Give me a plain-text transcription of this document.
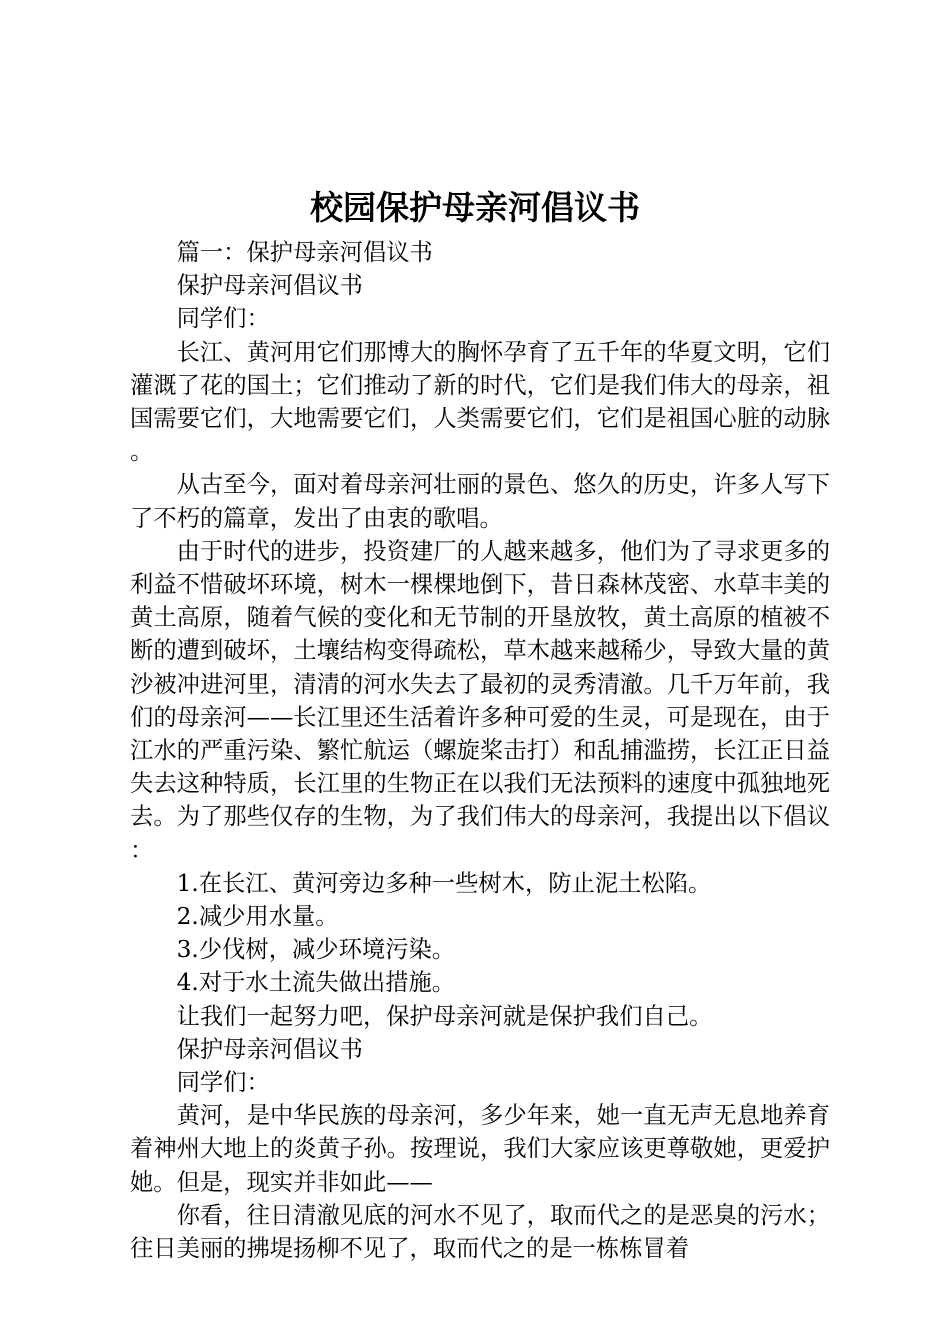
校园保护母亲河倡议书

篇一：保护母亲河倡议书

保护母亲河倡议书

同学们：

长江、黄河用它们那博大的胸怀孕育了五千年的华夏文明，它们灌溉了花的国土；它们推动了新的时代，它们是我们伟大的母亲，祖国需要它们，大地需要它们，人类需要它们，它们是祖国心脏的动脉。

从古至今，面对着母亲河壮丽的景色、悠久的历史，许多人写下了不朽的篇章，发出了由衷的歌唱。

由于时代的进步，投资建厂的人越来越多，他们为了寻求更多的利益不惜破坏环境，树木一棵棵地倒下，昔日森林茂密、水草丰美的黄土高原，随着气候的变化和无节制的开垦放牧，黄土高原的植被不断的遭到破坏，土壤结构变得疏松，草木越来越稀少，导致大量的黄沙被冲进河里，清清的河水失去了最初的灵秀清澈。几千万年前，我们的母亲河——长江里还生活着许多种可爱的生灵，可是现在，由于江水的严重污染、繁忙航运（螺旋桨击打）和乱捕滥捞，长江正日益失去这种特质，长江里的生物正在以我们无法预料的速度中孤独地死去。为了那些仅存的生物，为了我们伟大的母亲河，我提出以下倡议：

1.在长江、黄河旁边多种一些树木，防止泥土松陷。

2.减少用水量。

3.少伐树，减少环境污染。

4.对于水土流失做出措施。

让我们一起努力吧，保护母亲河就是保护我们自己。

保护母亲河倡议书

同学们：

黄河，是中华民族的母亲河，多少年来，她一直无声无息地养育着神州大地上的炎黄子孙。按理说，我们大家应该更尊敬她，更爱护她。但是，现实并非如此——

你看，往日清澈见底的河水不见了，取而代之的是恶臭的污水；往日美丽的拂堤扬柳不见了，取而代之的是一栋栋冒着
